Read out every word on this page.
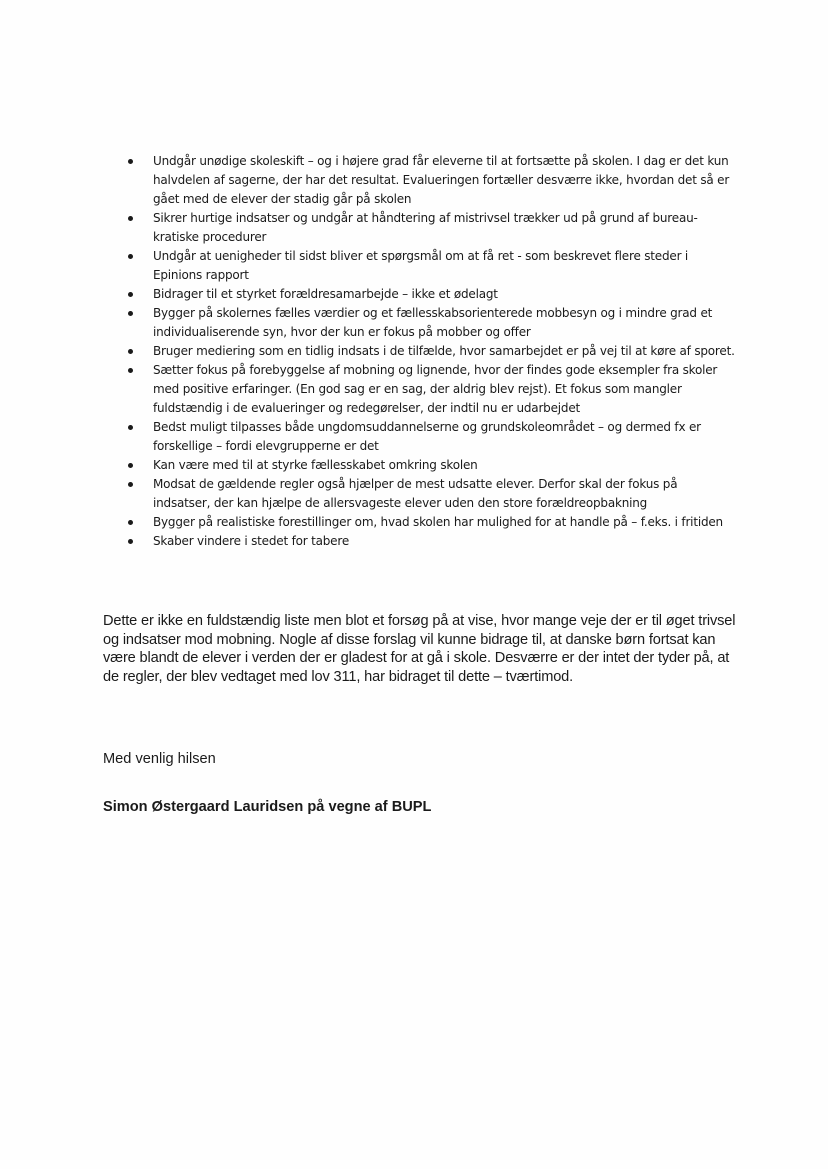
Undgår unødige skoleskift – og i højere grad får eleverne til at fortsætte på skolen. I dag er det kun halvdelen af sagerne, der har det resultat. Evalueringen fortæller desværre ikke, hvordan det så er gået med de elever der stadig går på skolen
Sikrer hurtige indsatser og undgår at håndtering af mistrivsel trækker ud på grund af bureau-kratiske procedurer
Undgår at uenigheder til sidst bliver et spørgsmål om at få ret - som beskrevet flere steder i Epinions rapport
Bidrager til et styrket forældresamarbejde – ikke et ødelagt
Bygger på skolernes fælles værdier og et fællesskabsorienterede mobbesyn og i mindre grad et individualiserende syn, hvor der kun er fokus på mobber og offer
Bruger mediering som en tidlig indsats i de tilfælde, hvor samarbejdet er på vej til at køre af sporet.
Sætter fokus på forebyggelse af mobning og lignende, hvor der findes gode eksempler fra skoler med positive erfaringer. (En god sag er en sag, der aldrig blev rejst). Et fokus som mangler fuldstændig i de evalueringer og redegørelser, der indtil nu er udarbejdet
Bedst muligt tilpasses både ungdomsuddannelserne og grundskoleområdet – og dermed fx er forskellige – fordi elevgrupperne er det
Kan være med til at styrke fællesskabet omkring skolen
Modsat de gældende regler også hjælper de mest udsatte elever. Derfor skal der fokus på indsatser, der kan hjælpe de allersvageste elever uden den store forældreopbakning
Bygger på realistiske forestillinger om, hvad skolen har mulighed for at handle på – f.eks. i fritiden
Skaber vindere i stedet for tabere

Dette er ikke en fuldstændig liste men blot et forsøg på at vise, hvor mange veje der er til øget trivsel og indsatser mod mobning. Nogle af disse forslag vil kunne bidrage til, at danske børn fortsat kan være blandt de elever i verden der er gladest for at gå i skole. Desværre er der intet der tyder på, at de regler, der blev vedtaget med lov 311, har bidraget til dette – tværtimod.

Med venlig hilsen

Simon Østergaard Lauridsen på vegne af BUPL
